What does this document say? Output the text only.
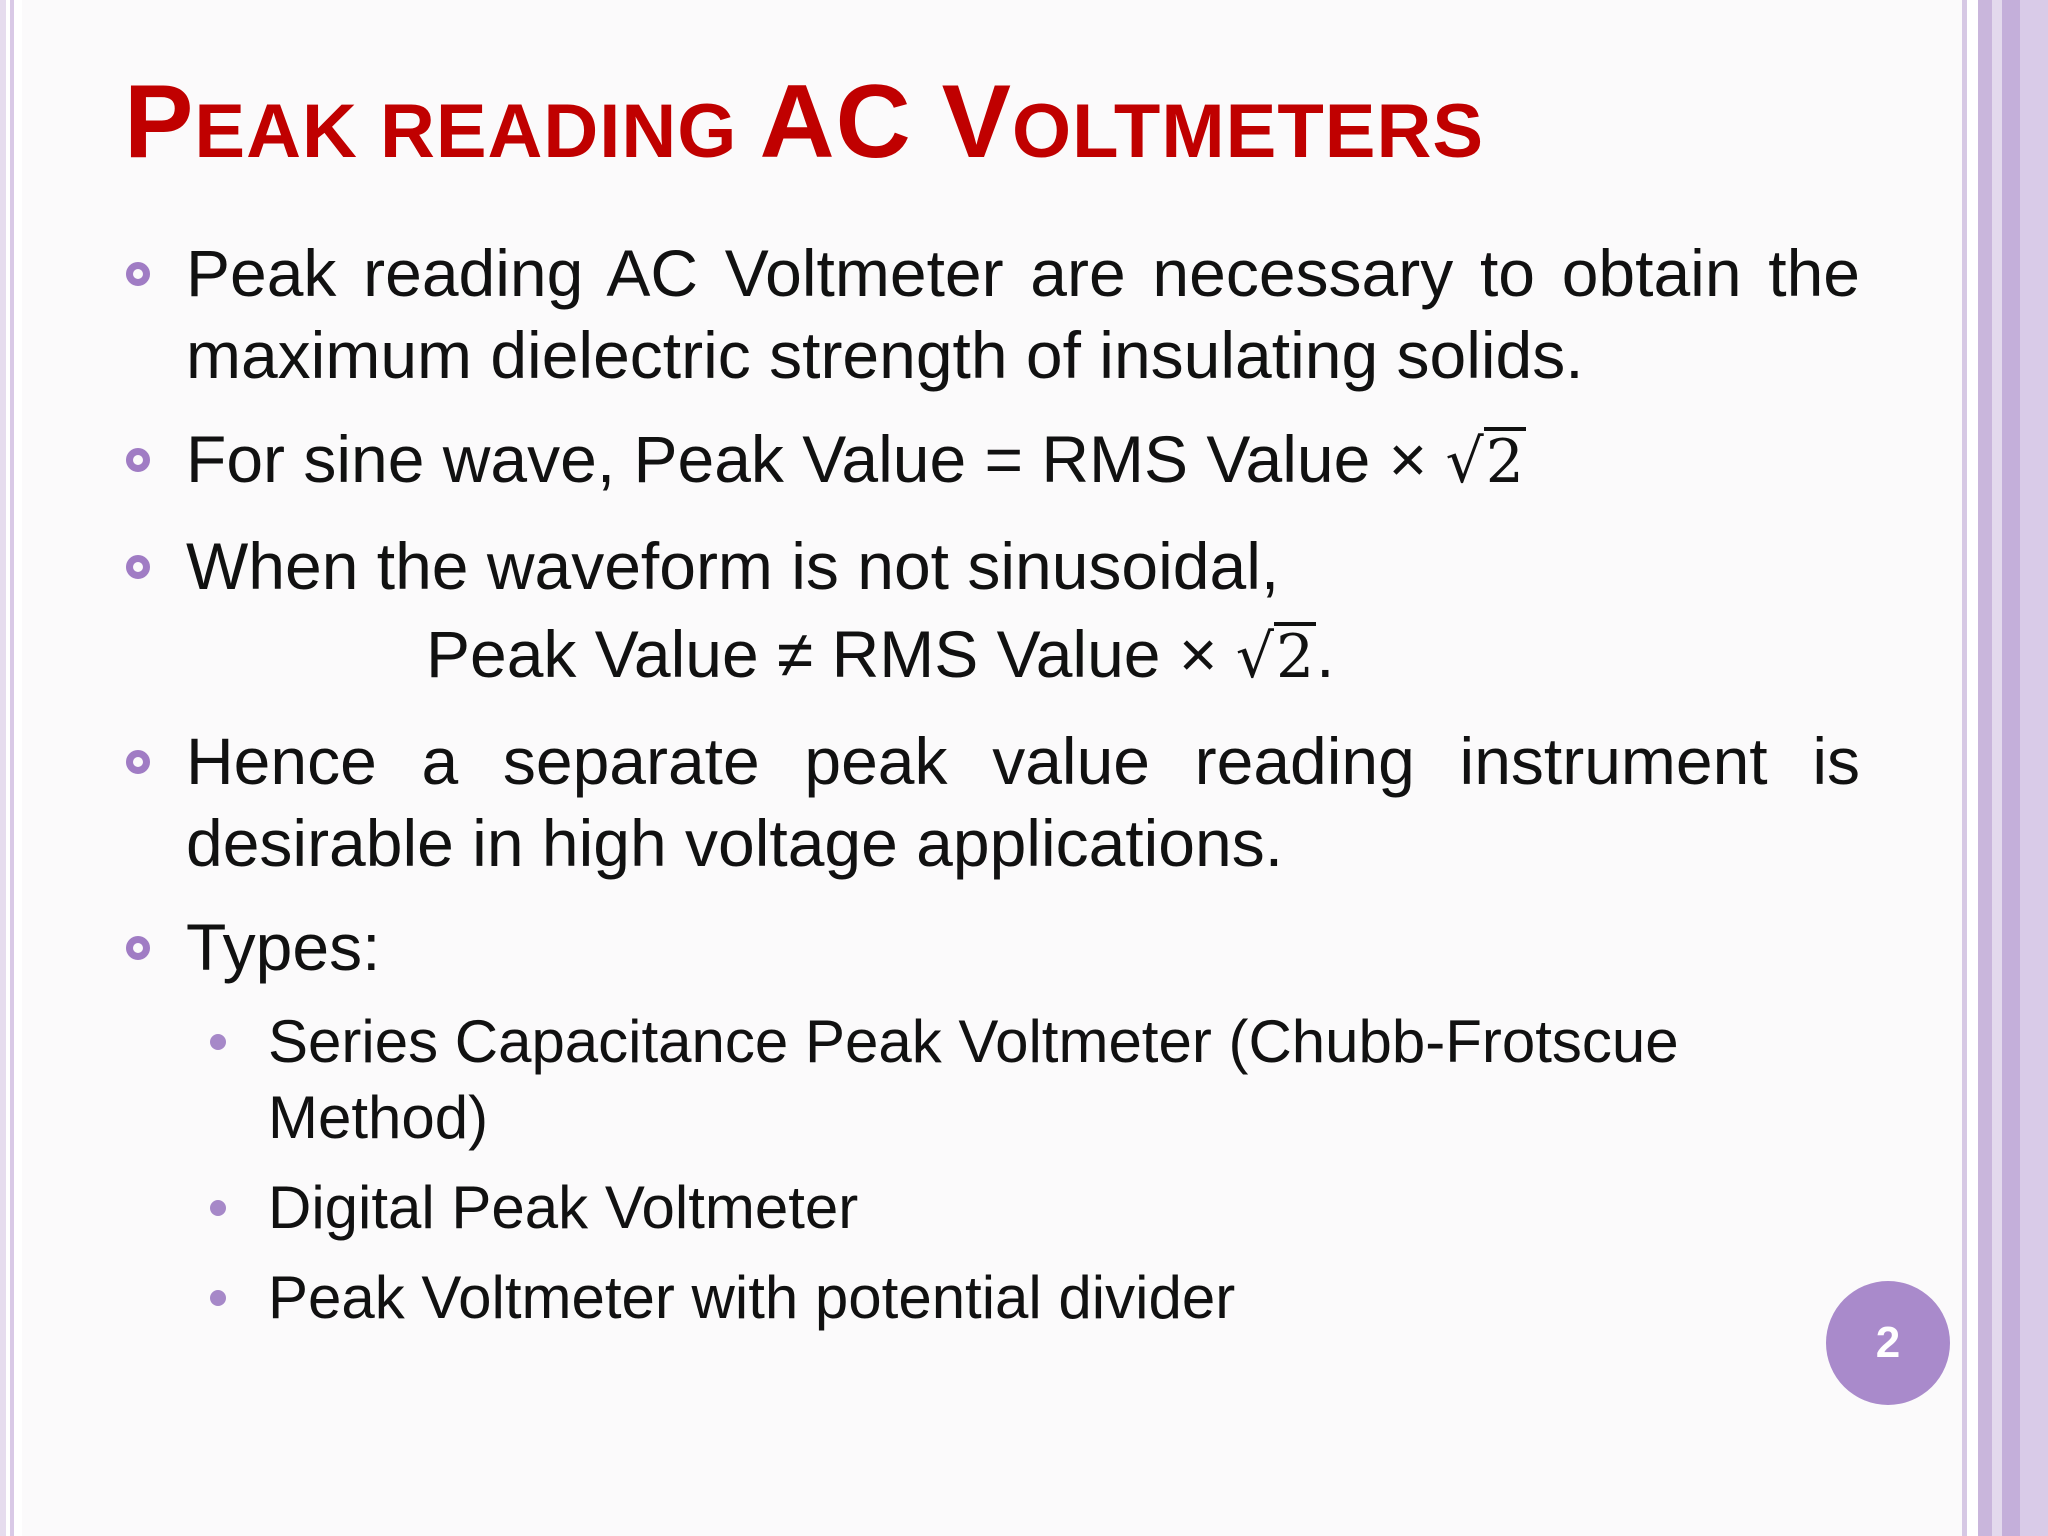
PEAK READING AC VOLTMETERS
Peak reading AC Voltmeter are necessary to obtain the maximum dielectric strength of insulating solids.
For sine wave, Peak Value = RMS Value × √2
When the waveform is not sinusoidal,
Peak Value ≠ RMS Value × √2.
Hence a separate peak value reading instrument is desirable in high voltage applications.
Types:
Series Capacitance Peak Voltmeter (Chubb-Frotscue Method)
Digital Peak Voltmeter
Peak Voltmeter with potential divider
2
